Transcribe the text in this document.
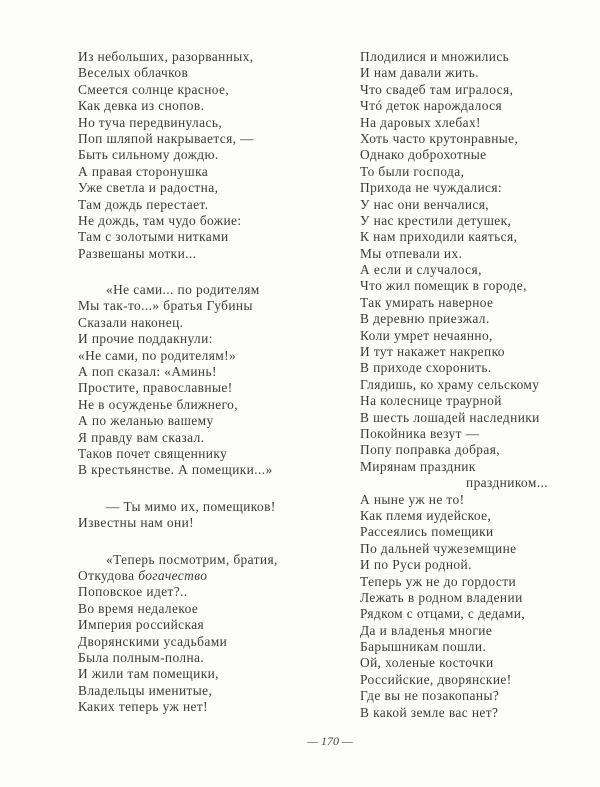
Из небольших, разорванных,
Веселых облачков
Смеется солнце красное,
Как девка из снопов.
Но туча передвинулась,
Поп шляпой накрывается, —
Быть сильному дождю.
А правая сторонушка
Уже светла и радостна,
Там дождь перестает.
Не дождь, там чудо божие:
Там с золотыми нитками
Развешаны мотки...
«Не сами... по родителям
Мы так-то...» братья Губины
Сказали наконец.
И прочие поддакнули:
«Не сами, по родителям!»
А поп сказал: «Аминь!
Простите, православные!
Не в осужденье ближнего,
А по желанью вашему
Я правду вам сказал.
Таков почет священнику
В крестьянстве. А помещики...»
— Ты мимо их, помещиков!
Известны нам они!
«Теперь посмотрим, братия,
Откудова богачество
Поповское идет?..
Во время недалекое
Империя российская
Дворянскими усадьбами
Была полным-полна.
И жили там помещики,
Владельцы именитые,
Каких теперь уж нет!
Плодилися и множились
И нам давали жить.
Что свадеб там игралося,
Чтó деток нарождалося
На даровых хлебах!
Хоть часто крутонравные,
Однако доброхотные
То были господа,
Прихода не чуждалися:
У нас они венчалися,
У нас крестили детушек,
К нам приходили каяться,
Мы отпевали их.
А если и случалося,
Что жил помещик в городе,
Так умирать наверное
В деревню приезжал.
Коли умрет нечаянно,
И тут накажет накрепко
В приходе схоронить.
Глядишь, ко храму сельскому
На колеснице траурной
В шесть лошадей наследники
Покойника везут —
Попу поправка добрая,
Мирянам праздник
праздником...
А ныне уж не то!
Как племя иудейское,
Рассеялись помещики
По дальней чужеземщине
И по Руси родной.
Теперь уж не до гордости
Лежать в родном владении
Рядком с отцами, с дедами,
Да и владенья многие
Барышникам пошли.
Ой, холеные косточки
Российские, дворянские!
Где вы не позакопаны?
В какой земле вас нет?
— 170 —
